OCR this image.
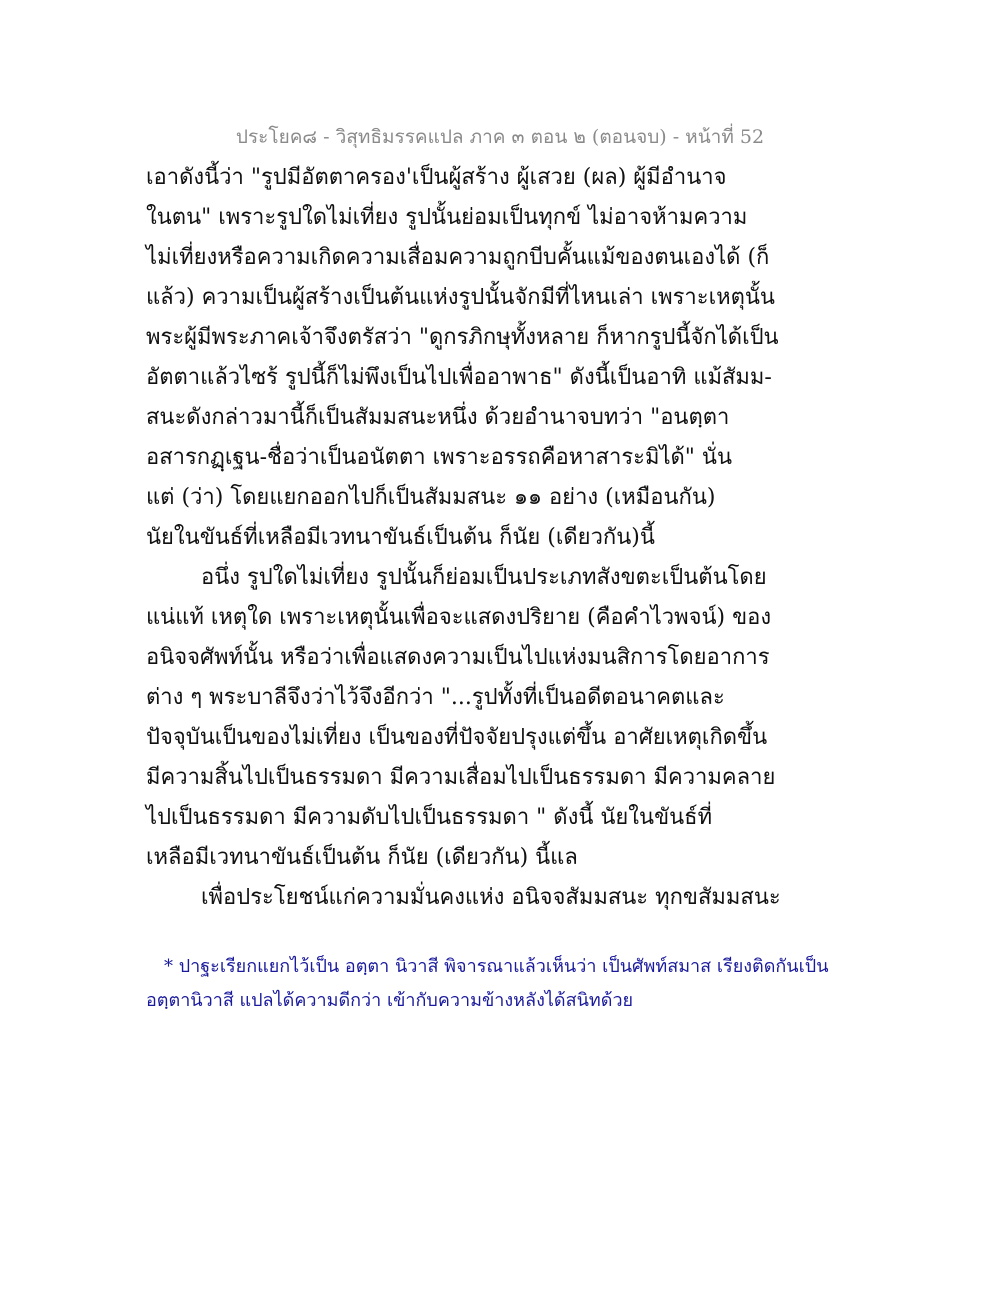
ประโยค๘ - วิสุทธิมรรคแปล ภาค ๓ ตอน ๒ (ตอนจบ) - หน้าที่ 52
เอาดังนี้ว่า "รูปมีอัตตาครอง'เป็นผู้สร้าง ผู้เสวย (ผล) ผู้มีอำนาจ
ในตน" เพราะรูปใดไม่เที่ยง รูปนั้นย่อมเป็นทุกข์ ไม่อาจห้ามความ
ไม่เที่ยงหรือความเกิดความเสื่อมความถูกบีบคั้นแม้ของตนเองได้ (ก็
แล้ว) ความเป็นผู้สร้างเป็นต้นแห่งรูปนั้นจักมีที่ไหนเล่า เพราะเหตุนั้น
พระผู้มีพระภาคเจ้าจึงตรัสว่า "ดูกรภิกษุทั้งหลาย ก็หากรูปนี้จักได้เป็น
อัตตาแล้วไซร้ รูปนี้ก็ไม่พึงเป็นไปเพื่ออาพาธ" ดังนี้เป็นอาทิ แม้สัมม-
สนะดังกล่าวมานี้ก็เป็นสัมมสนะหนึ่ง ด้วยอำนาจบทว่า "อนตฺตา
อสารกฏฺเฐน-ชื่อว่าเป็นอนัตตา เพราะอรรถคือหาสาระมิได้" นั่น
แต่ (ว่า) โดยแยกออกไปก็เป็นสัมมสนะ ๑๑ อย่าง (เหมือนกัน)
นัยในขันธ์ที่เหลือมีเวทนาขันธ์เป็นต้น ก็นัย (เดียวกัน)นี้
อนึ่ง รูปใดไม่เที่ยง รูปนั้นก็ย่อมเป็นประเภทสังขตะเป็นต้นโดย
แน่แท้ เหตุใด เพราะเหตุนั้นเพื่อจะแสดงปริยาย (คือคำไวพจน์) ของ
อนิจจศัพท์นั้น หรือว่าเพื่อแสดงความเป็นไปแห่งมนสิการโดยอาการ
ต่าง ๆ พระบาลีจึงว่าไว้จึงอีกว่า "...รูปทั้งที่เป็นอดีตอนาคตและ
ปัจจุบันเป็นของไม่เที่ยง เป็นของที่ปัจจัยปรุงแต่ขึ้น อาศัยเหตุเกิดขึ้น
มีความสิ้นไปเป็นธรรมดา มีความเสื่อมไปเป็นธรรมดา มีความคลาย
ไปเป็นธรรมดา มีความดับไปเป็นธรรมดา " ดังนี้ นัยในขันธ์ที่
เหลือมีเวทนาขันธ์เป็นต้น ก็นัย (เดียวกัน) นี้แล
เพื่อประโยชน์แก่ความมั่นคงแห่ง อนิจจสัมมสนะ ทุกขสัมมสนะ
* ปาฐะเรียกแยกไว้เป็น อตฺตา นิวาสี พิจารณาแล้วเห็นว่า เป็นศัพท์สมาส เรียงติดกันเป็น
อตฺตานิวาสี แปลได้ความดีกว่า เข้ากับความข้างหลังได้สนิทด้วย
